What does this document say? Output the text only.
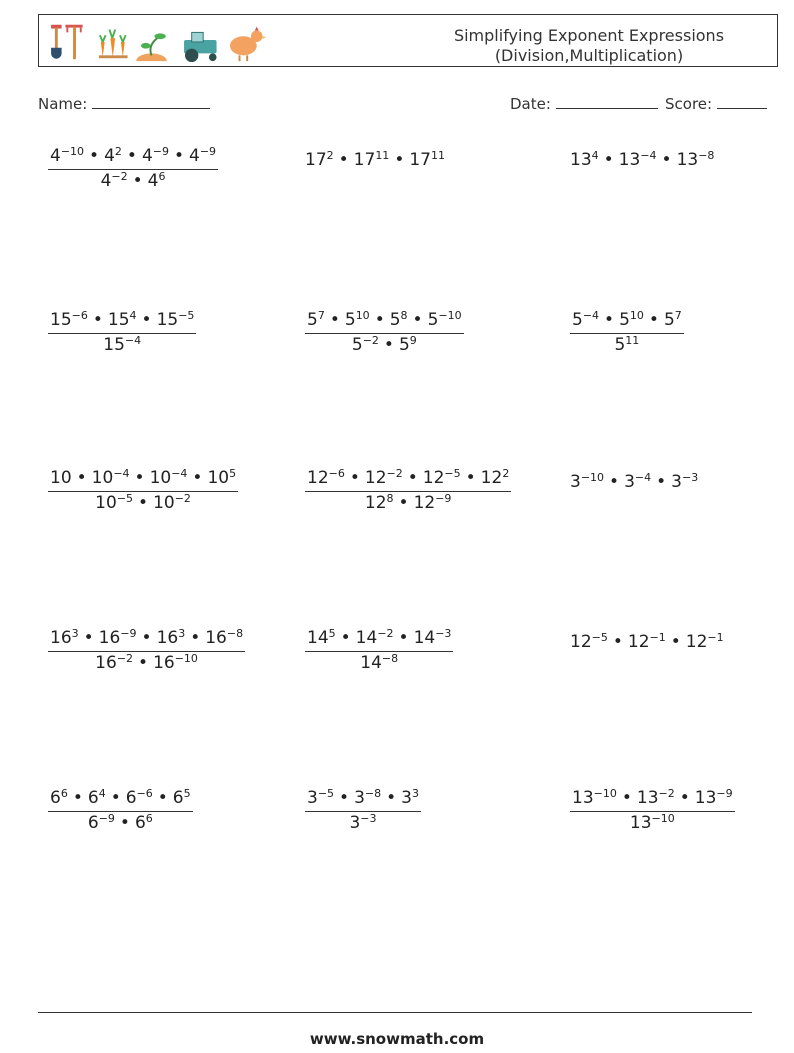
Simplifying Exponent Expressions
(Division,Multiplication)
Name:	Date:	Score:
$\frac{4^{-10} • 4^2 • 4^{-9} • 4^{-9}}{4^{-2} • 4^6}$	$17^2$ • $17^{11}$ • $17^{11}$	$13^4$ • $13^{-4}$ • $13^{-8}$
$\frac{15^{-6} • 15^4 • 15^{-5}}{15^{-4}}$	$\frac{5^7 • 5^{10} • 5^8 • 5^{-10}}{5^{-2} • 5^9}$	$\frac{5^{-4} • 5^{10} • 5^7}{5^{11}}$
$\frac{10 • 10^{-4} • 10^{-4} • 10^5}{10^{-5} • 10^{-2}}$	$\frac{12^{-6} • 12^{-2} • 12^{-5} • 12^2}{12^8 • 12^{-9}}$	$3^{-10}$ • $3^{-4}$ • $3^{-3}$
$\frac{16^3 • 16^{-9} • 16^3 • 16^{-8}}{16^{-2} • 16^{-10}}$	$\frac{14^5 • 14^{-2} • 14^{-3}}{14^{-8}}$	$12^{-5}$ • $12^{-1}$ • $12^{-1}$
$\frac{6^6 • 6^4 • 6^{-6} • 6^5}{6^{-9} • 6^6}$	$\frac{3^{-5} • 3^{-8} • 3^3}{3^{-3}}$	$\frac{13^{-10} • 13^{-2} • 13^{-9}}{13^{-10}}$
www.snowmath.com
